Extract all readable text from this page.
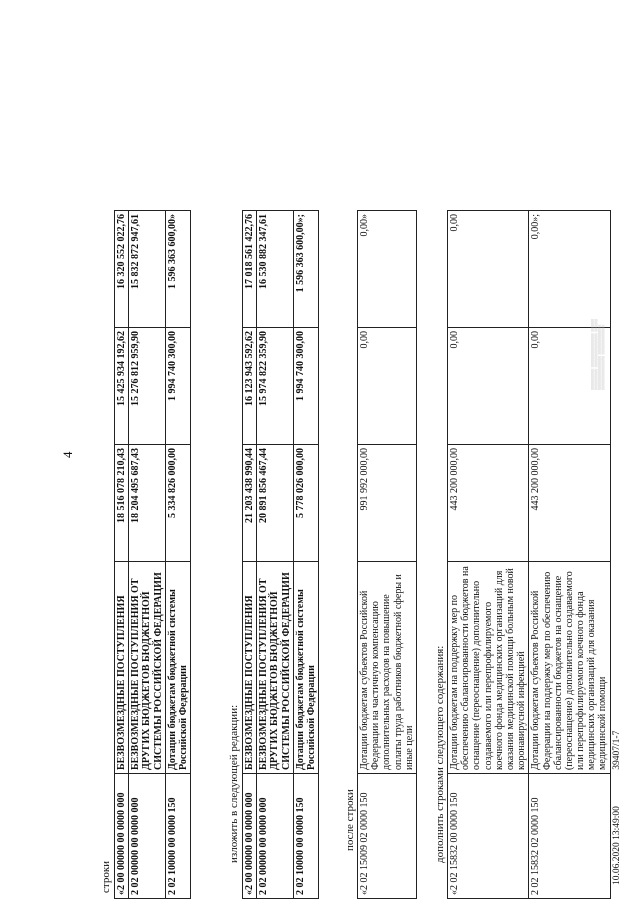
4
строки «2 00 00000 00 0000 000	БЕЗВОЗМЕЗДНЫЕ ПОСТУПЛЕНИЯ	18 516 078 210,43	15 425 934 192,62	16 320 552 022,76
2 02 00000 00 0000 000	БЕЗВОЗМЕЗДНЫЕ ПОСТУПЛЕНИЯ ОТ ДРУГИХ БЮДЖЕТОВ БЮДЖЕТНОЙ СИСТЕМЫ РОССИЙСКОЙ ФЕДЕРАЦИИ	18 204 495 687,43	15 276 812 959,90	15 832 872 947,61
2 02 10000 00 0000 150	Дотации бюджетам бюджетной системы Российской Федерации	5 334 826 000,00	1 994 740 300,00	1 596 363 600,00»
изложить в следующей редакции: «2 00 00000 00 0000 000	БЕЗВОЗМЕЗДНЫЕ ПОСТУПЛЕНИЯ	21 203 438 990,44	16 123 943 592,62	17 018 561 422,76
2 02 00000 00 0000 000	БЕЗВОЗМЕЗДНЫЕ ПОСТУПЛЕНИЯ ОТ ДРУГИХ БЮДЖЕТОВ БЮДЖЕТНОЙ СИСТЕМЫ РОССИЙСКОЙ ФЕДЕРАЦИИ	20 891 856 467,44	15 974 822 359,90	16 530 882 347,61
2 02 10000 00 0000 150	Дотации бюджетам бюджетной системы Российской Федерации	5 778 026 000,00	1 994 740 300,00	1 596 363 600,00»;
после строки «2 02 15009 02 0000 150	Дотации бюджетам субъектов Российской Федерации на частичную компенсацию дополнительных расходов на повышение оплаты труда работников бюджетной сферы и иные цели	991 992 000,00	0,00	0,00»
дополнить строками следующего содержания: «2 02 15832 00 0000 150	Дотации бюджетам на поддержку мер по обеспечению сбалансированности бюджетов на оснащение (переоснащение) дополнительно создаваемого или перепрофилируемого коечного фонда медицинских организаций для оказания медицинской помощи больным новой коронавирусной инфекцией	443 200 000,00	0,00	0,00
2 02 15832 02 0000 150	Дотации бюджетам субъектов Российской Федерации на поддержку мер по обеспечению сбалансированности бюджетов на оснащение (переоснащение) дополнительно создаваемого или перепрофилируемого коечного фонда медицинских организаций для оказания медицинской помощи	443 200 000,00	0,00	0,00»;
10.06.2020 13:49:00 39407/1-7
▒▒▒▒▒ ▒▒▒▒▒▒▒▒ ▒▒▒
▒▒▒▒▒▒▒▒ ▒▒▒▒▒▒▒
